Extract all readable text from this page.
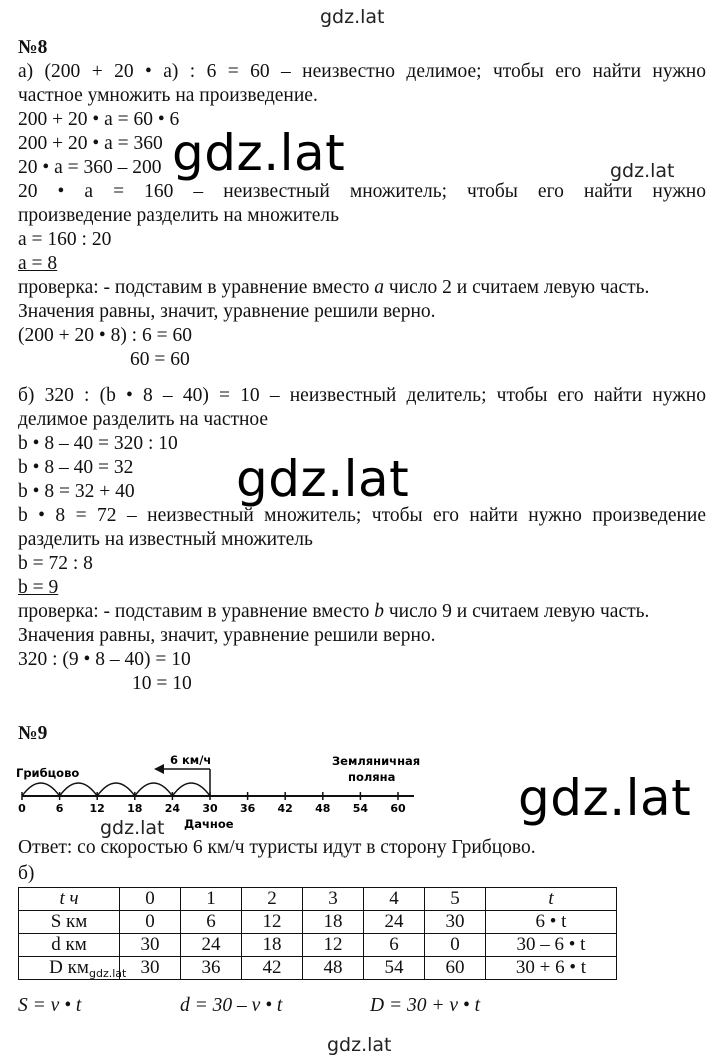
gdz.lat
gdz.lat	gdz.lat
gdz.lat
gdz.lat
gdz.lat
gdz.lat
№8
а) (200 + 20 • а) : 6 = 60 – неизвестно делимое; чтобы его найти нужно
частное умножить на произведение.
200 + 20 • а = 60 • 6
200 + 20 • а = 360
20 • а = 360 – 200
20 • а = 160 – неизвестный множитель; чтобы его найти нужно
произведение разделить на множитель
а = 160 : 20
а = 8
проверка: - подставим в уравнение вместо а число 2 и считаем левую часть.
Значения равны, значит, уравнение решили верно.
(200 + 20 • 8) : 6 = 60
60 = 60
б) 320 : (b • 8 – 40) = 10 – неизвестный делитель; чтобы его найти нужно
делимое разделить на частное
b • 8 – 40 = 320 : 10
b • 8 – 40 = 32
b • 8 = 32 + 40
b • 8 = 72 – неизвестный множитель; чтобы его найти нужно произведение
разделить на известный множитель
b = 72 : 8
b = 9
проверка: - подставим в уравнение вместо b число 9 и считаем левую часть.
Значения равны, значит, уравнение решили верно.
320 : (9 • 8 – 40) = 10
10 = 10
№9
Грибцово
6 км/ч	Земляничная
поляна
0	6 12 18 24 30 36 42 48 54 60
Дачное
Ответ: со скоростью 6 км/ч туристы идут в сторону Грибцово.
б)
t ч	0	1	2	3	4	5	t
S км	0	6	12	18	24	30	6 • t
d км	30	24	18	12	6	0	30 – 6 • t
D км gdz.lat	30	36	42	48	54	60	30 + 6 • t
S = v • t	d = 30 – v • t	D = 30 + v • t
